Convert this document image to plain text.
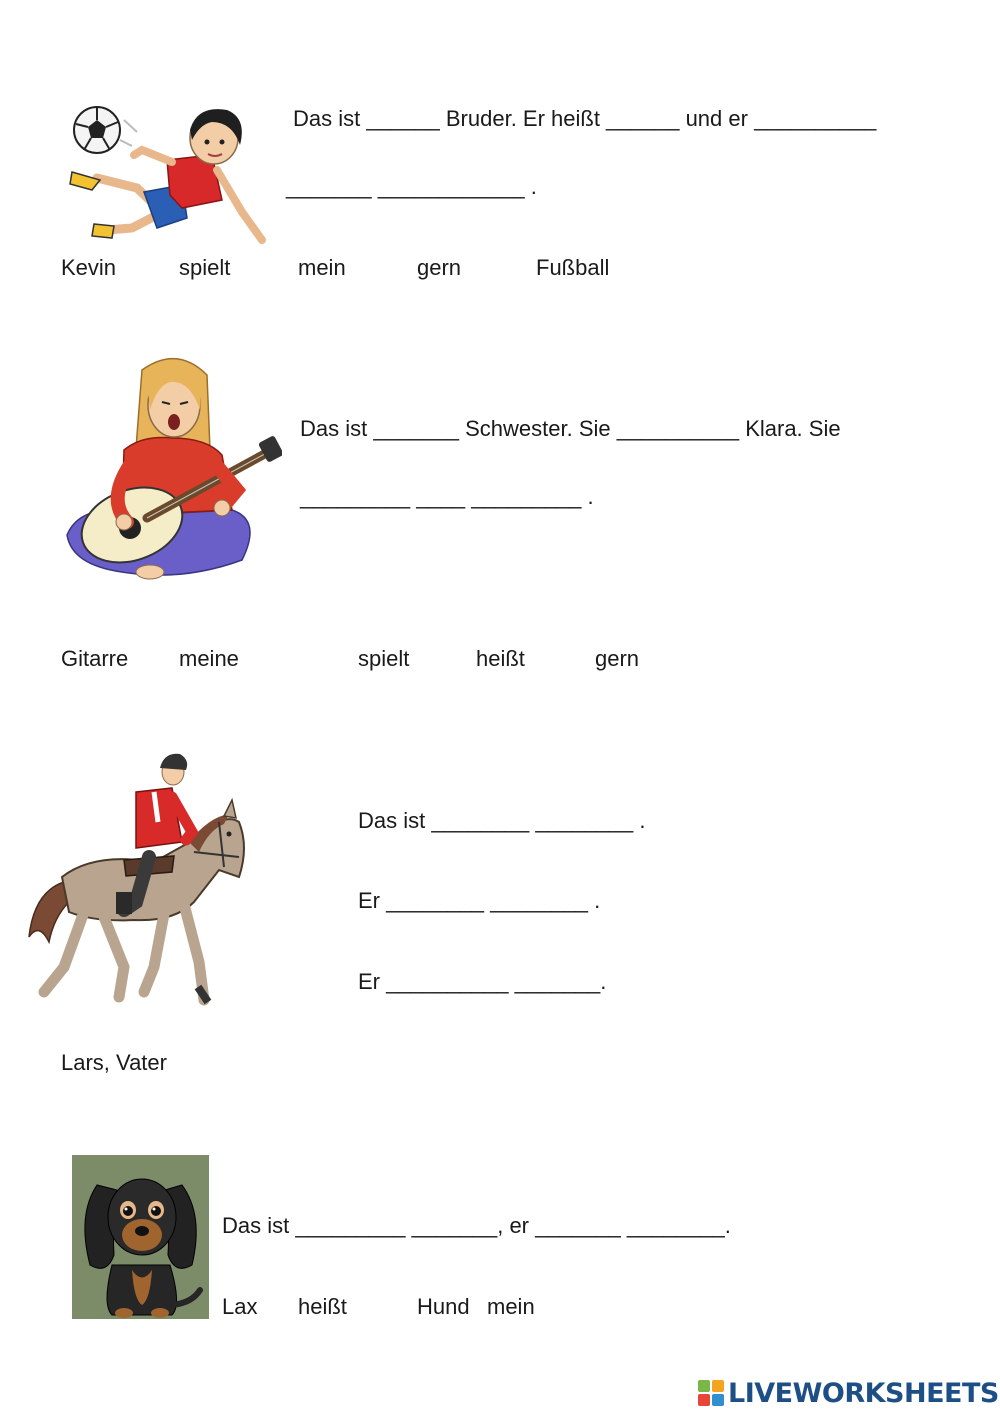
Das ist ______ Bruder. Er heißt ______ und er __________
_______ ____________ .
Kevin	spielt	mein	gern	Fußball
Das ist _______ Schwester. Sie __________ Klara. Sie
_________ ____ _________ .
Gitarre meine	spielt	heißt	gern
Das ist ________ ________ .
Er ________ ________ .
Er __________ _______.
Lars, Vater
Das ist _________ _______, er _______ ________.
Lax heißt	Hund mein
LIVEWORKSHEETS
